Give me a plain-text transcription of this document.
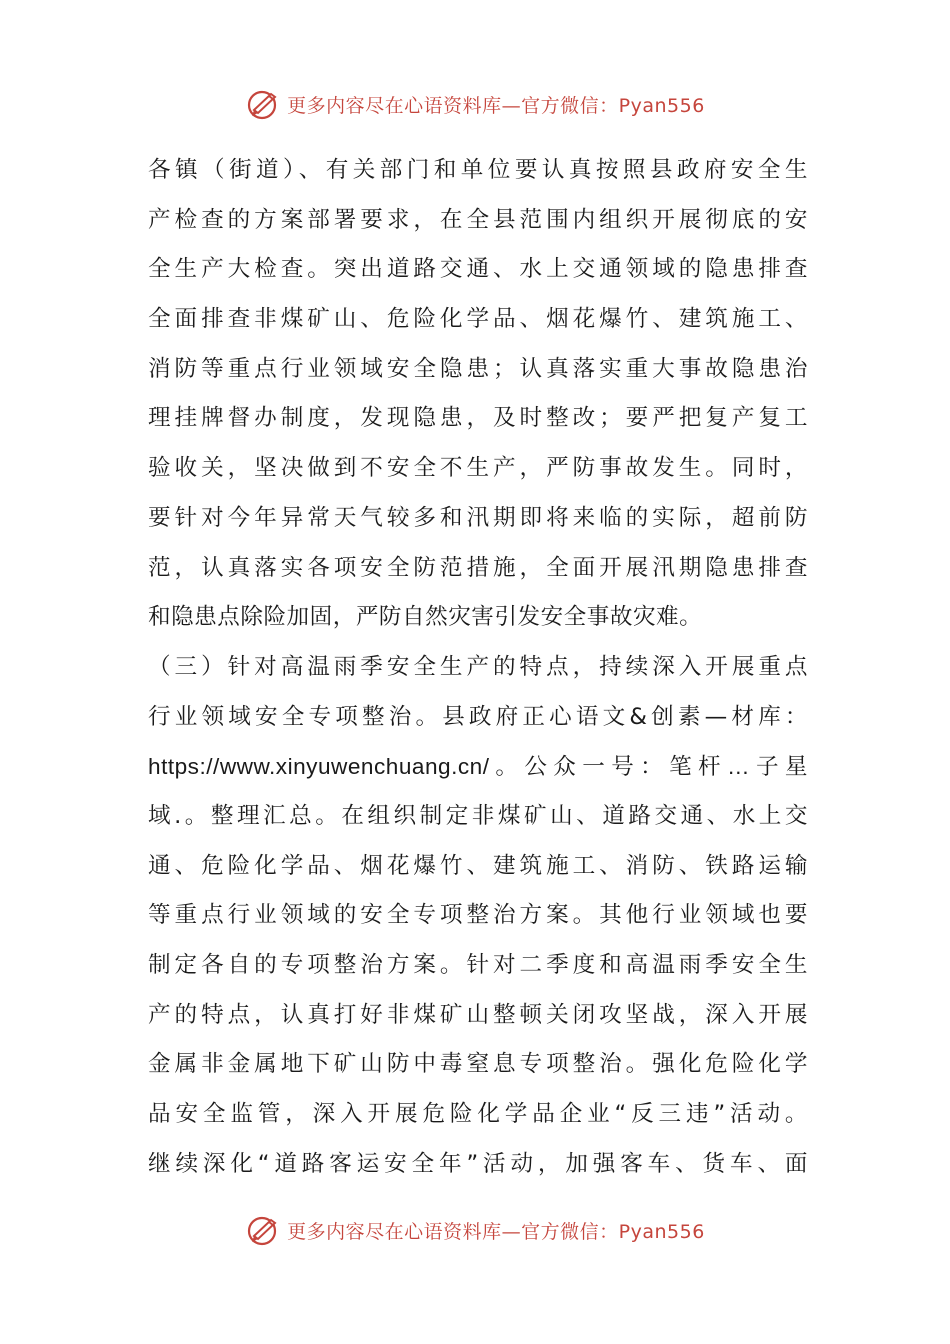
更多内容尽在心语资料库—官方微信：Pyan556
各镇（街道）、有关部门和单位要认真按照县政府安全生
产检查的方案部署要求，在全县范围内组织开展彻底的安
全生产大检查。突出道路交通、水上交通领域的隐患排查
全面排查非煤矿山、危险化学品、烟花爆竹、建筑施工、
消防等重点行业领域安全隐患；认真落实重大事故隐患治
理挂牌督办制度，发现隐患，及时整改；要严把复产复工
验收关，坚决做到不安全不生产，严防事故发生。同时，
要针对今年异常天气较多和汛期即将来临的实际，超前防
范，认真落实各项安全防范措施，全面开展汛期隐患排查
和隐患点除险加固，严防自然灾害引发安全事故灾难。
（三）针对高温雨季安全生产的特点，持续深入开展重点
行业领域安全专项整治。县政府正心语文&创素—材库：
https://www.xinyuwenchuang.cn/。公众一号：笔杆…子星
域.。整理汇总。在组织制定非煤矿山、道路交通、水上交
通、危险化学品、烟花爆竹、建筑施工、消防、铁路运输
等重点行业领域的安全专项整治方案。其他行业领域也要
制定各自的专项整治方案。针对二季度和高温雨季安全生
产的特点，认真打好非煤矿山整顿关闭攻坚战，深入开展
金属非金属地下矿山防中毒窒息专项整治。强化危险化学
品安全监管，深入开展危险化学品企业“反三违”活动。
继续深化“道路客运安全年”活动，加强客车、货车、面
更多内容尽在心语资料库—官方微信：Pyan556
